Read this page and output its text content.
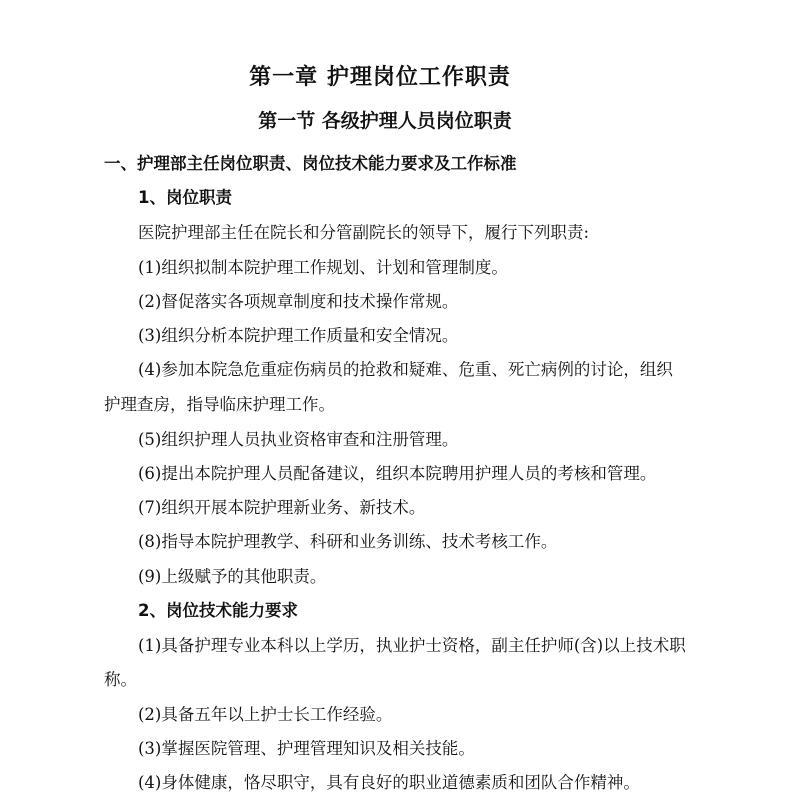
第一章 护理岗位工作职责
第一节 各级护理人员岗位职责
一、护理部主任岗位职责、岗位技术能力要求及工作标准
1、岗位职责
医院护理部主任在院长和分管副院长的领导下，履行下列职责:
(1)组织拟制本院护理工作规划、计划和管理制度。
(2)督促落实各项规章制度和技术操作常规。
(3)组织分析本院护理工作质量和安全情况。
(4)参加本院急危重症伤病员的抢救和疑难、危重、死亡病例的讨论，组织
护理查房，指导临床护理工作。
(5)组织护理人员执业资格审查和注册管理。
(6)提出本院护理人员配备建议，组织本院聘用护理人员的考核和管理。
(7)组织开展本院护理新业务、新技术。
(8)指导本院护理教学、科研和业务训练、技术考核工作。
(9)上级赋予的其他职责。
2、岗位技术能力要求
(1)具备护理专业本科以上学历，执业护士资格，副主任护师(含)以上技术职
称。
(2)具备五年以上护士长工作经验。
(3)掌握医院管理、护理管理知识及相关技能。
(4)身体健康，恪尽职守，具有良好的职业道德素质和团队合作精神。
